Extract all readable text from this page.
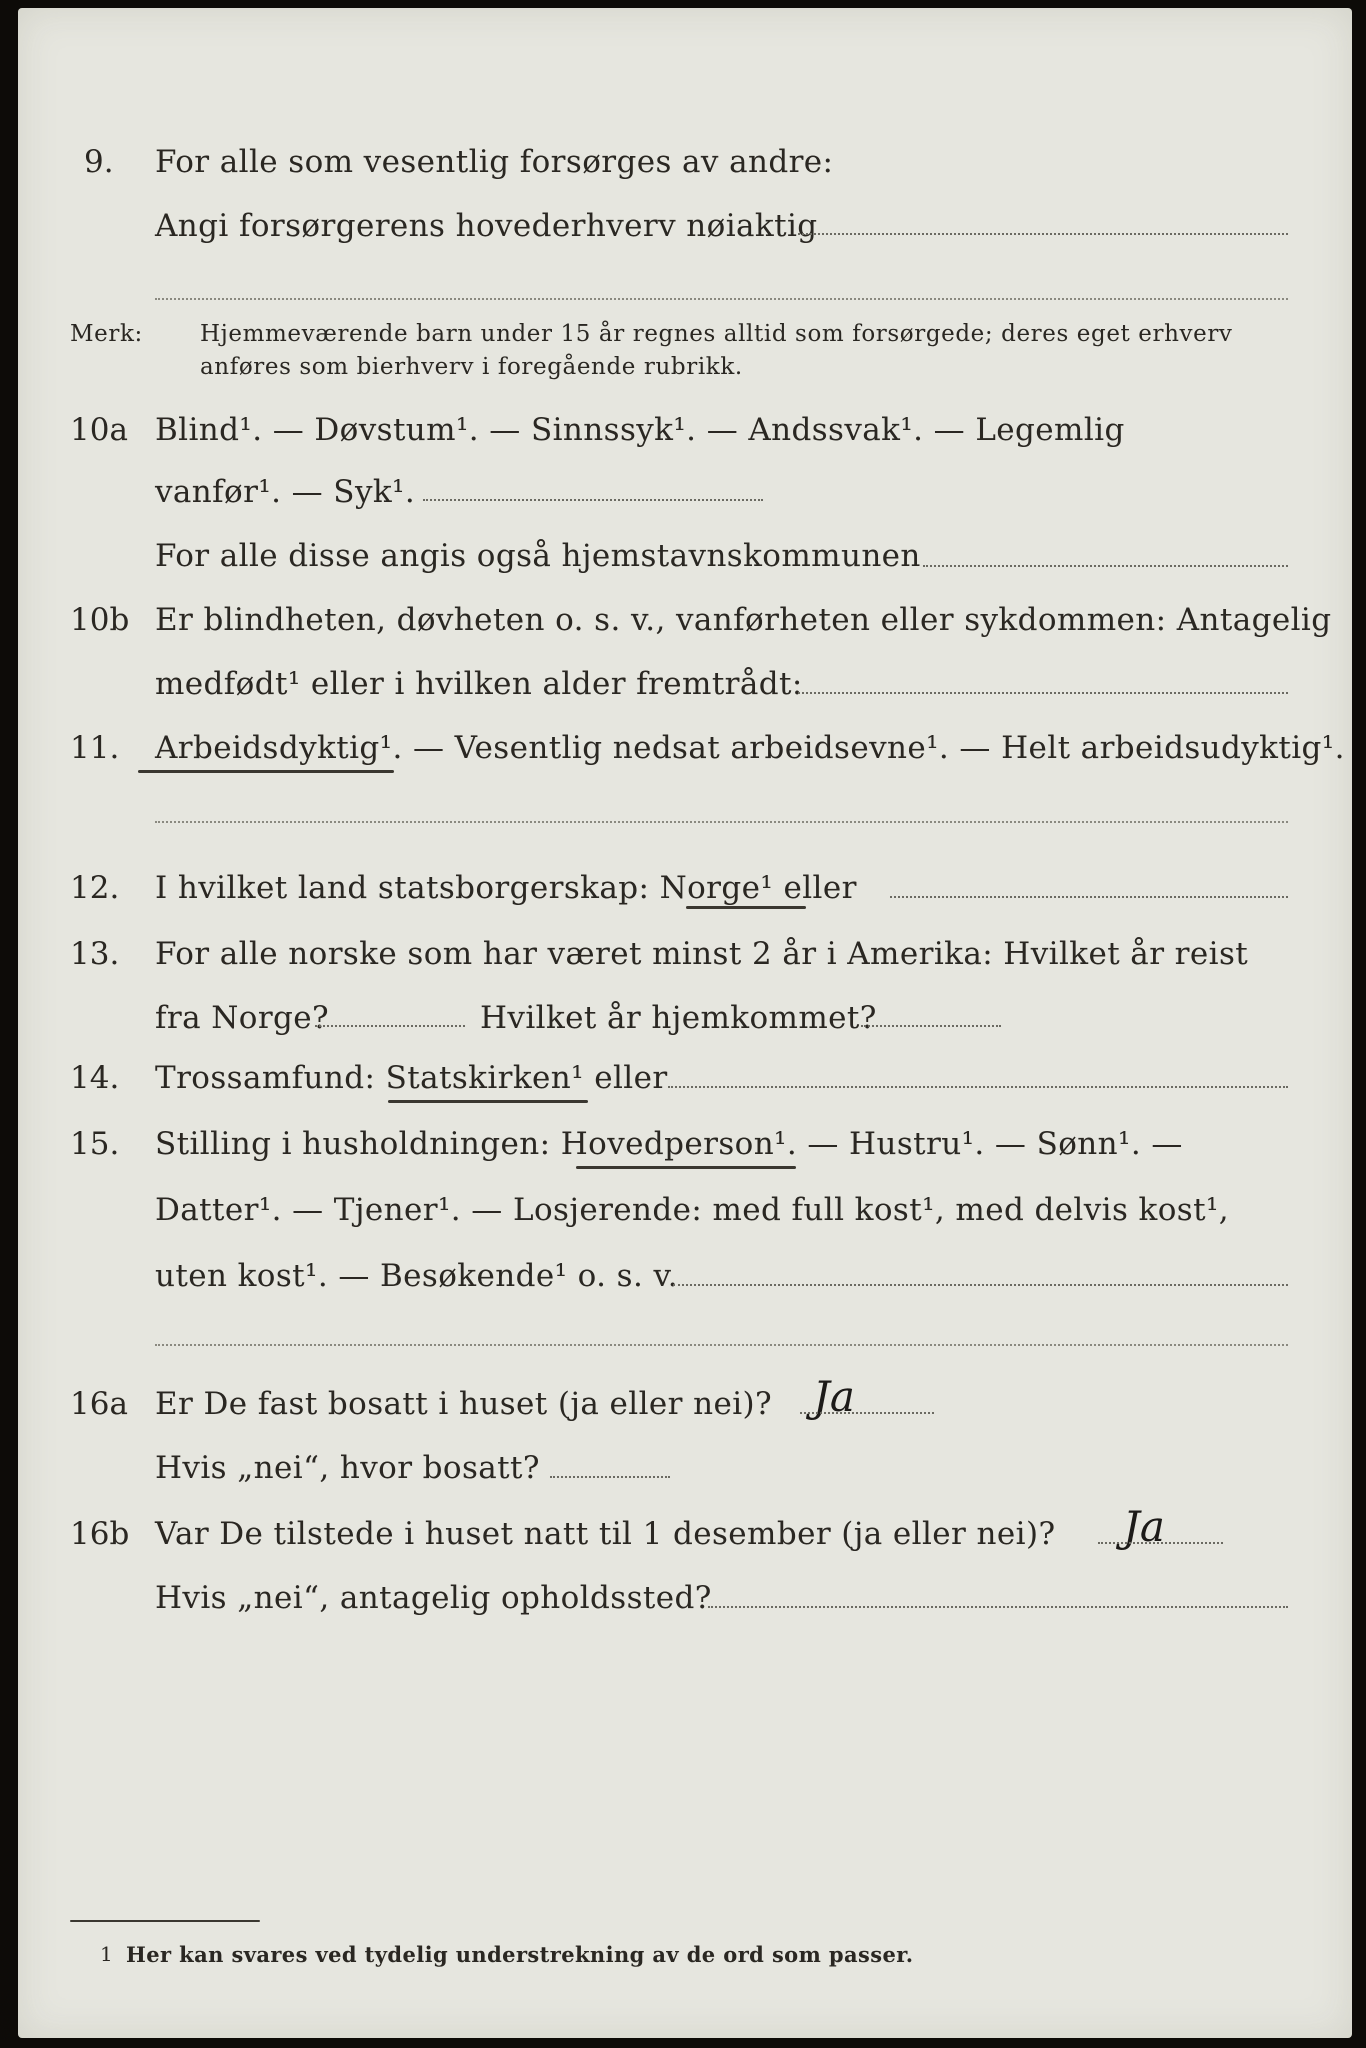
9. For alle som vesentlig forsørges av andre:
Angi forsørgerens hovederhverv nøiaktig
Merk: Hjemmeværende barn under 15 år regnes alltid som forsørgede; deres eget erhverv
anføres som bierhverv i foregående rubrikk.
10a Blind¹. — Døvstum¹. — Sinnssyk¹. — Andssvak¹. — Legemlig
vanfør¹. — Syk¹.
For alle disse angis også hjemstavnskommunen
10b Er blindheten, døvheten o. s. v., vanførheten eller sykdommen: Antagelig
medfødt¹ eller i hvilken alder fremtrådt:
11. Arbeidsdyktig¹. — Vesentlig nedsat arbeidsevne¹. — Helt arbeidsudyktig¹.
12. I hvilket land statsborgerskap: Norge¹ eller
13. For alle norske som har været minst 2 år i Amerika: Hvilket år reist
fra Norge?	Hvilket år hjemkommet?
14. Trossamfund: Statskirken¹ eller
15. Stilling i husholdningen: Hovedperson¹. — Hustru¹. — Sønn¹. —
Datter¹. — Tjener¹. — Losjerende: med full kost¹, med delvis kost¹,
uten kost¹. — Besøkende¹ o. s. v.
16a Er De fast bosatt i huset (ja eller nei)? Ja
Hvis „nei“, hvor bosatt?
16b Var De tilstede i huset natt til 1 desember (ja eller nei)? Ja
Hvis „nei“, antagelig opholdssted?
1 Her kan svares ved tydelig understrekning av de ord som passer.
